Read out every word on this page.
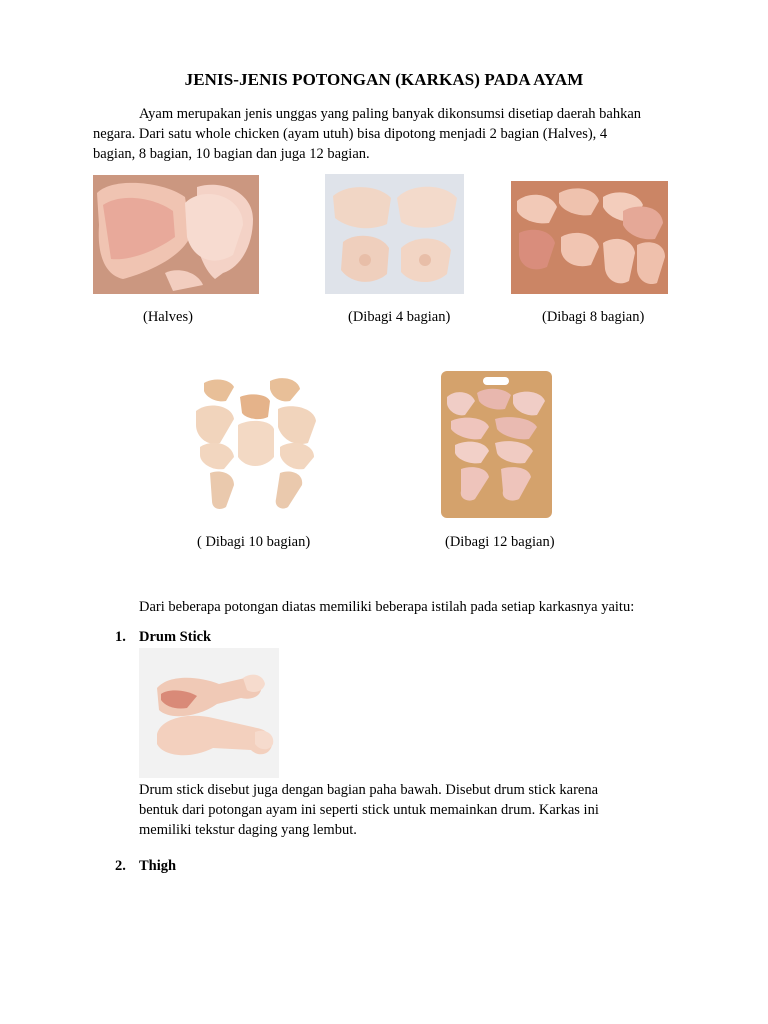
JENIS-JENIS POTONGAN (KARKAS) PADA AYAM
Ayam merupakan jenis unggas yang paling banyak dikonsumsi disetiap daerah bahkan negara. Dari satu whole chicken (ayam utuh) bisa dipotong menjadi 2 bagian (Halves), 4 bagian, 8 bagian, 10 bagian dan juga 12 bagian.
(Halves)	(Dibagi 4 bagian)	(Dibagi 8 bagian)
( Dibagi 10 bagian)	(Dibagi 12 bagian)
Dari beberapa potongan diatas memiliki beberapa istilah pada setiap karkasnya yaitu:
1. Drum Stick
Drum stick disebut juga dengan bagian paha bawah. Disebut drum stick karena bentuk dari potongan ayam ini seperti stick untuk memainkan drum. Karkas ini memiliki tekstur daging yang lembut.
2. Thigh
